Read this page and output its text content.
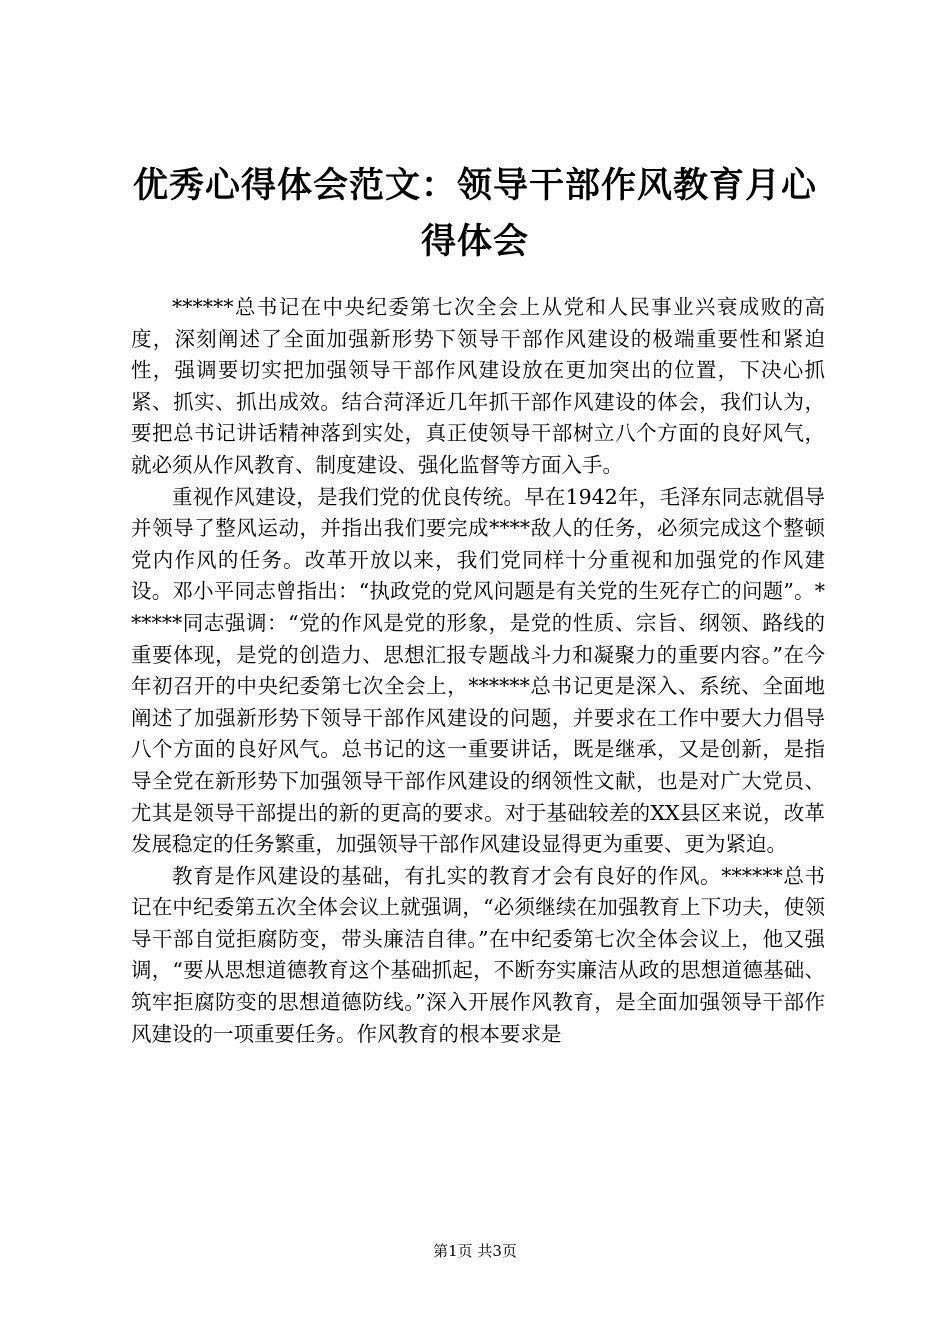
优秀心得体会范文：领导干部作风教育月心得体会

******总书记在中央纪委第七次全会上从党和人民事业兴衰成败的高度，深刻阐述了全面加强新形势下领导干部作风建设的极端重要性和紧迫性，强调要切实把加强领导干部作风建设放在更加突出的位置，下决心抓紧、抓实、抓出成效。结合菏泽近几年抓干部作风建设的体会，我们认为，要把总书记讲话精神落到实处，真正使领导干部树立八个方面的良好风气，就必须从作风教育、制度建设、强化监督等方面入手。

重视作风建设，是我们党的优良传统。早在1942年，毛泽东同志就倡导并领导了整风运动，并指出我们要完成****敌人的任务，必须完成这个整顿党内作风的任务。改革开放以来，我们党同样十分重视和加强党的作风建设。邓小平同志曾指出：“执政党的党风问题是有关党的生死存亡的问题”。******同志强调：“党的作风是党的形象，是党的性质、宗旨、纲领、路线的重要体现，是党的创造力、思想汇报专题战斗力和凝聚力的重要内容。”在今年初召开的中央纪委第七次全会上，******总书记更是深入、系统、全面地阐述了加强新形势下领导干部作风建设的问题，并要求在工作中要大力倡导八个方面的良好风气。总书记的这一重要讲话，既是继承，又是创新，是指导全党在新形势下加强领导干部作风建设的纲领性文献，也是对广大党员、尤其是领导干部提出的新的更高的要求。对于基础较差的XX县区来说，改革发展稳定的任务繁重，加强领导干部作风建设显得更为重要、更为紧迫。

教育是作风建设的基础，有扎实的教育才会有良好的作风。******总书记在中纪委第五次全体会议上就强调，“必须继续在加强教育上下功夫，使领导干部自觉拒腐防变，带头廉洁自律。”在中纪委第七次全体会议上，他又强调，“要从思想道德教育这个基础抓起，不断夯实廉洁从政的思想道德基础、筑牢拒腐防变的思想道德防线。”深入开展作风教育，是全面加强领导干部作风建设的一项重要任务。作风教育的根本要求是

第1页 共3页
